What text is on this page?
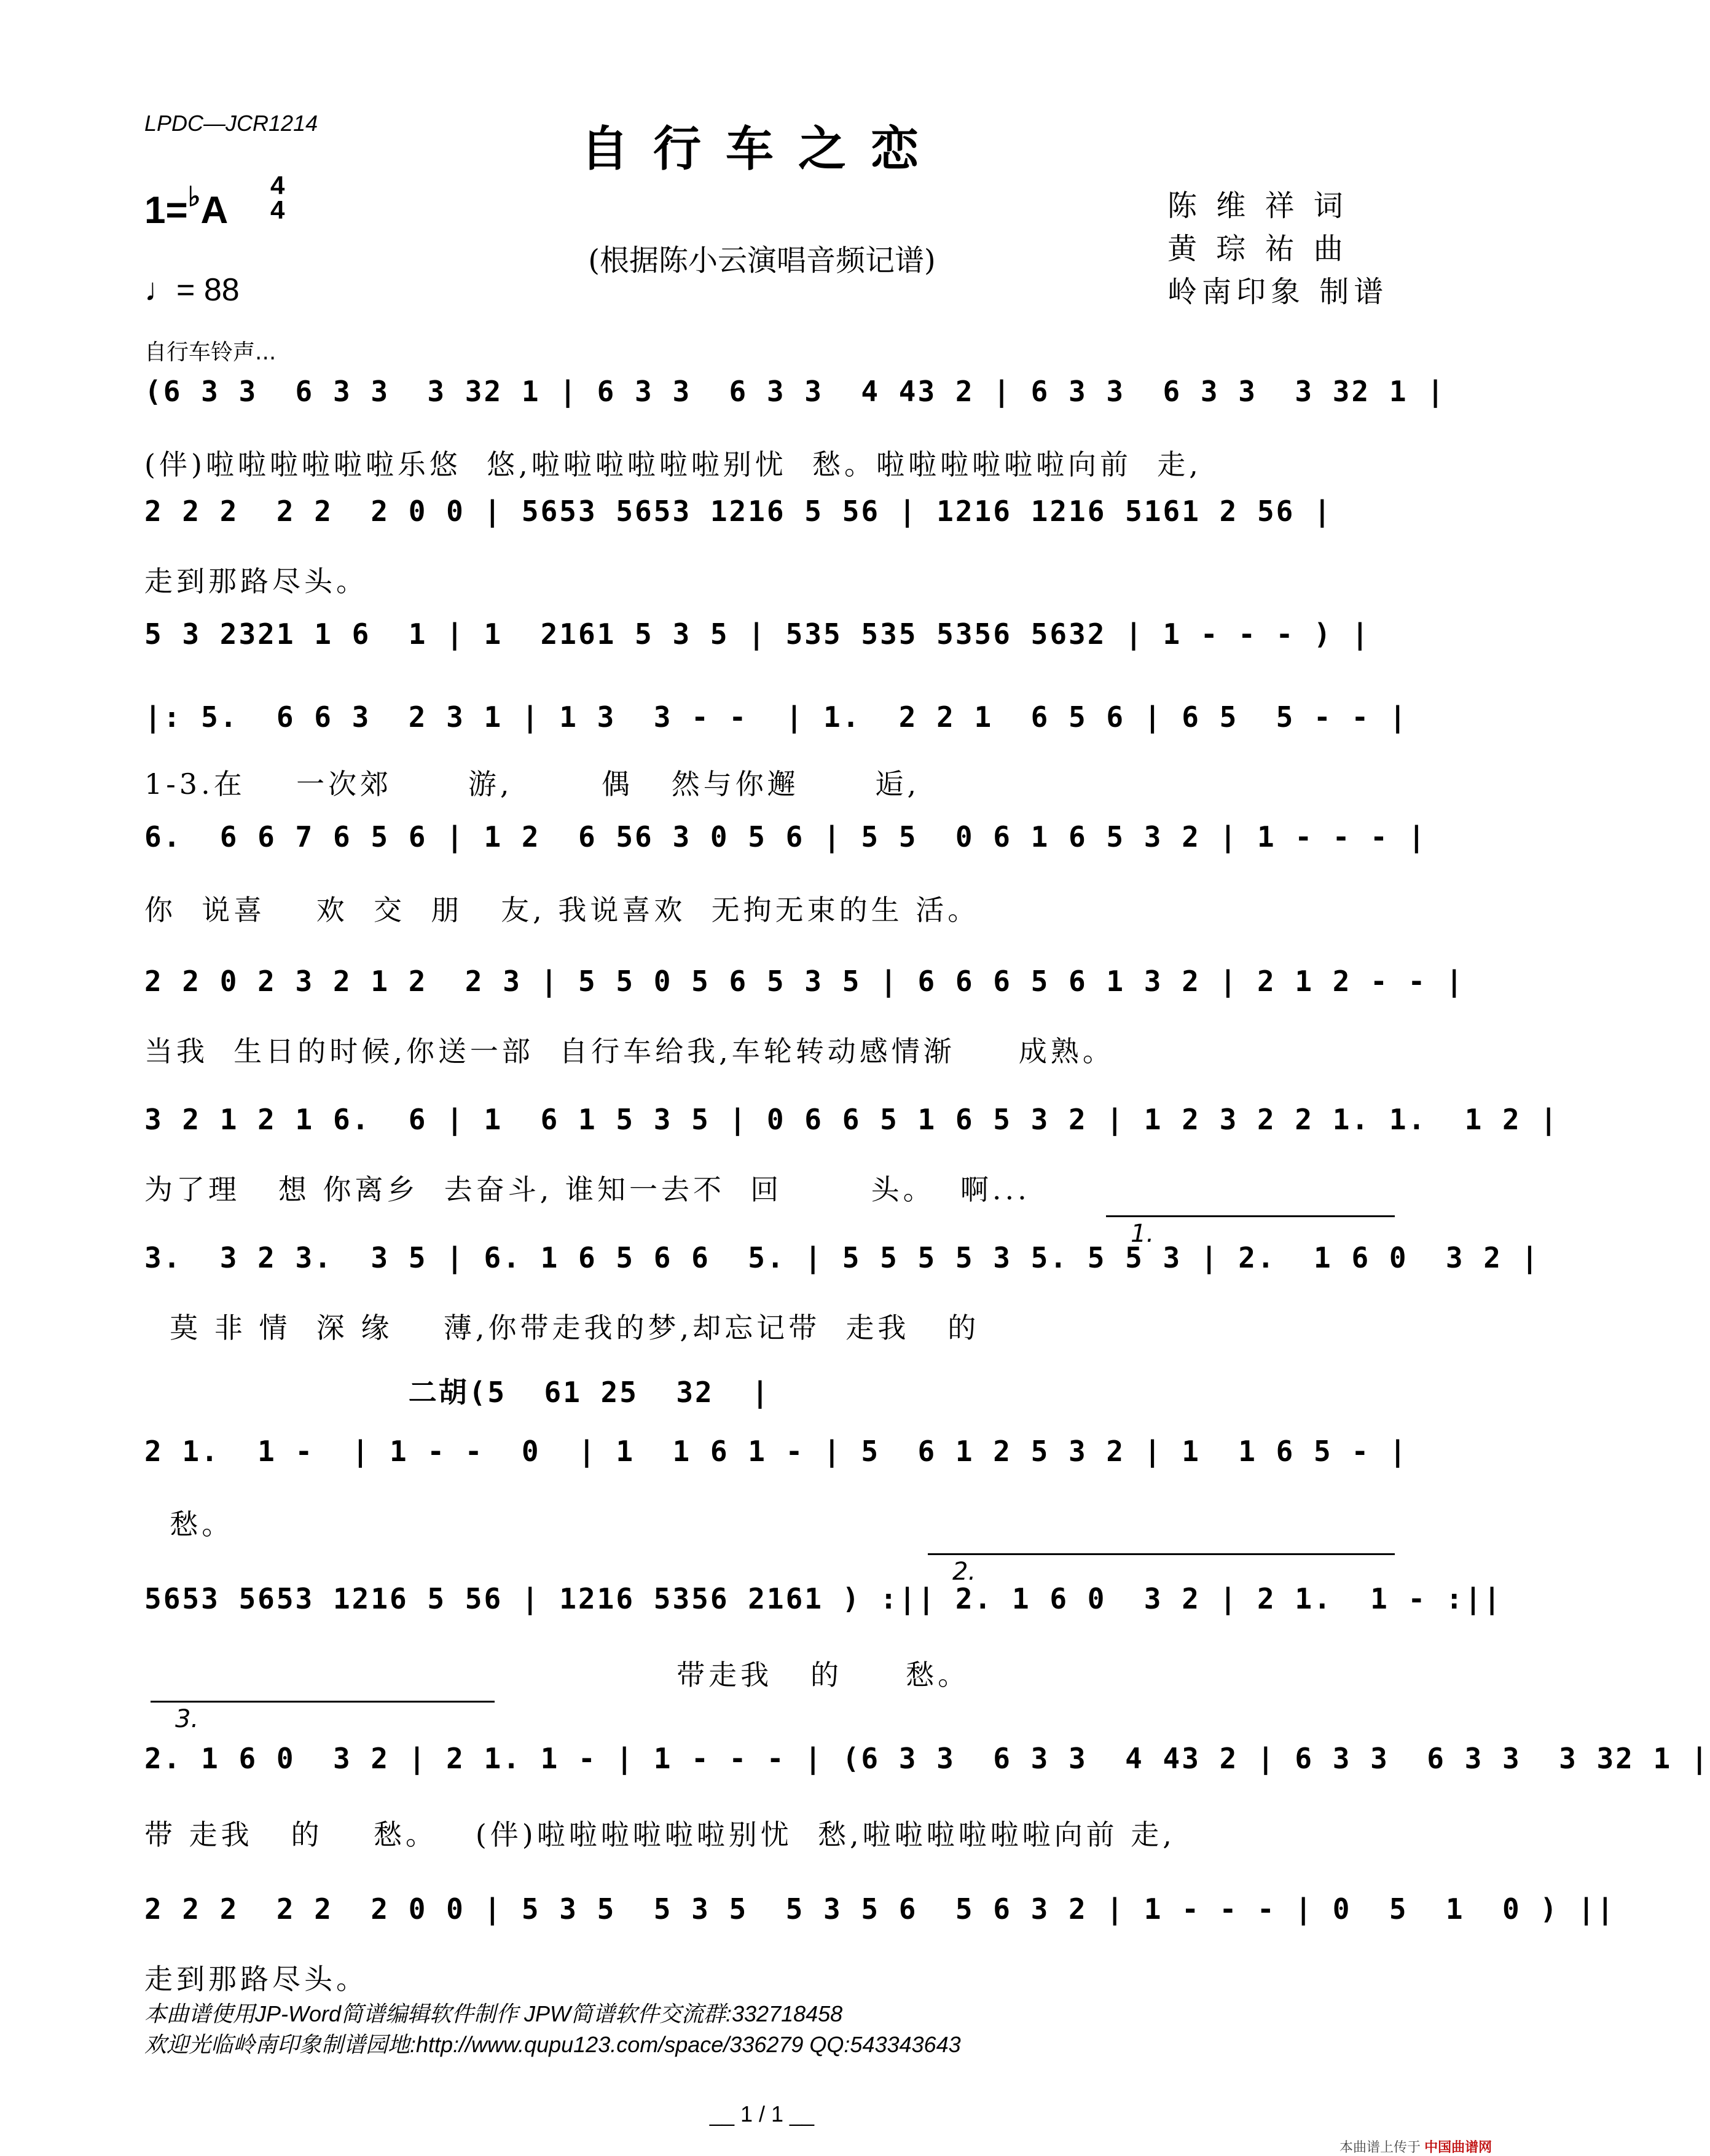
LPDC—JCR1214	自行车之恋
1=♭A
4
4
(根据陈小云演唱音频记谱)
♩= 88
陈 维 祥 词
黄 琮 祐 曲
岭南印象 制谱
自行车铃声...
(6 3 3  6 3 3  3 32 1 | 6 3 3  6 3 3  4 43 2 | 6 3 3  6 3 3  3 32 1 |
(伴)啦啦啦啦啦啦乐悠  悠,啦啦啦啦啦啦别忧  愁。啦啦啦啦啦啦向前  走,
2 2 2  2 2  2 0 0 | 5653 5653 1216 5 56 | 1216 1216 5161 2 56 |
走到那路尽头。
5 3 2321 1 6  1 | 1  2161 5 3 5 | 535 535 5356 5632 | 1 - - - ) |
|: 5.  6 6 3  2 3 1 | 1 3  3 - -  | 1.  2 2 1  6 5 6 | 6 5  5 - - |
1-3.在    一次郊      游,       偶   然与你邂      逅,
6.  6 6 7 6 5 6 | 1 2  6 56 3 0 5 6 | 5 5  0 6 1 6 5 3 2 | 1 - - - |
你  说喜    欢  交  朋   友, 我说喜欢  无拘无束的生 活。
2 2 0 2 3 2 1 2  2 3 | 5 5 0 5 6 5 3 5 | 6 6 6 5 6 1 3 2 | 2 1 2 - - |
当我  生日的时候,你送一部  自行车给我,车轮转动感情渐     成熟。
3 2 1 2 1 6.  6 | 1  6 1 5 3 5 | 0 6 6 5 1 6 5 3 2 | 1 2 3 2 2 1. 1.  1 2 |
为了理   想 你离乡  去奋斗, 谁知一去不  回       头。  啊...
3.  3 2 3.  3 5 | 6. 1 6 5 6 6  5. | 5 5 5 5 3 5. 5 5 3 | 2.  1 6 0  3 2 |
莫 非 情  深 缘    薄,你带走我的梦,却忘记带  走我   的
二胡(5  61 25  32  |
2 1.  1 -  | 1 - -  0  | 1  1 6 1 - | 5  6 1 2 5 3 2 | 1  1 6 5 - |
愁。
5653 5653 1216 5 56 | 1216 5356 2161 ) :|| 2. 1 6 0  3 2 | 2 1.  1 - :||
带走我   的     愁。
2. 1 6 0  3 2 | 2 1. 1 - | 1 - - - | (6 3 3  6 3 3  4 43 2 | 6 3 3  6 3 3  3 32 1 |
带 走我   的    愁。   (伴)啦啦啦啦啦啦别忧  愁,啦啦啦啦啦啦向前 走,
2 2 2  2 2  2 0 0 | 5 3 5  5 3 5  5 3 5 6  5 6 3 2 | 1 - - - | 0  5  1  0 ) ||
走到那路尽头。
1.
2.
3.
本曲谱使用JP-Word简谱编辑软件制作 JPW简谱软件交流群:332718458
欢迎光临岭南印象制谱园地:http://www.qupu123.com/space/336279 QQ:543343643
__ 1 / 1 __
本曲谱上传于 中国曲谱网
